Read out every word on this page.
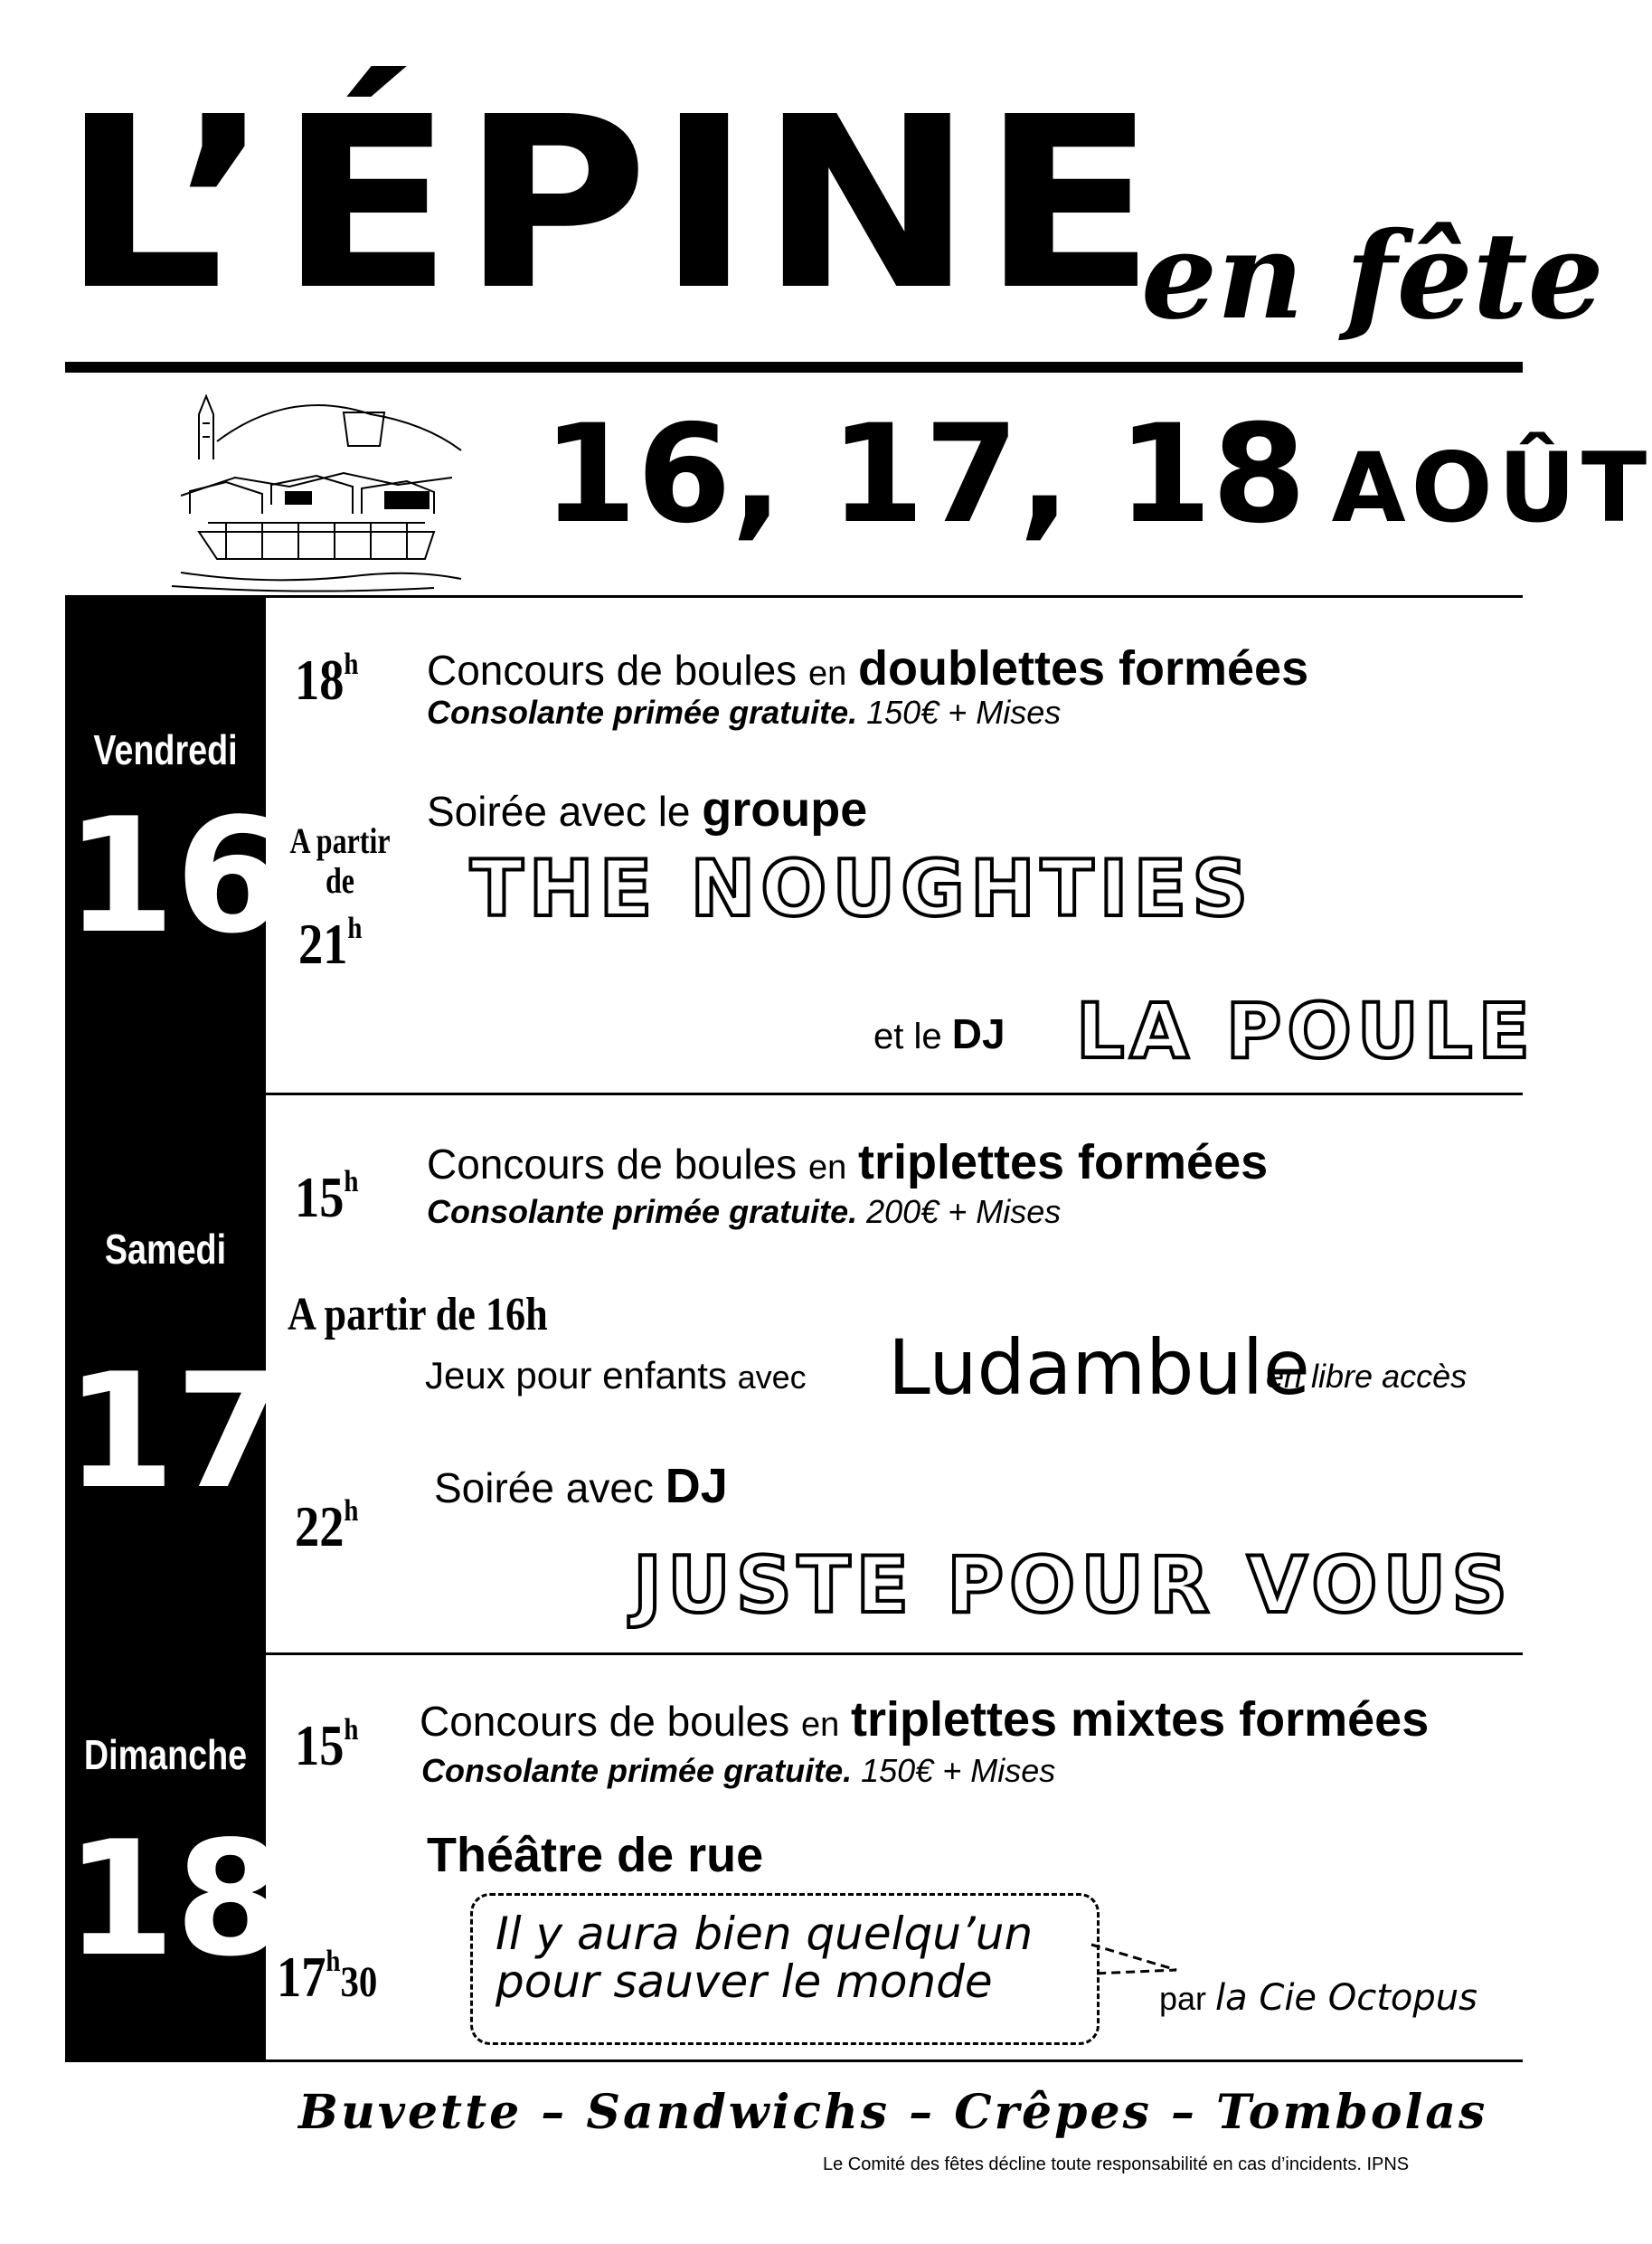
L’ÉPINE
en fête
16, 17, 18 AOÛT
Vendredi
16
18$^h$ Concours de boules en doublettes formées
Consolante primée gratuite. 150€ + Mises
Soirée avec le groupe
A partir
de
21$^h$ THE NOUGHTIES
et le DJ LA POULE
Samedi
17
15$^h$ Concours de boules en triplettes formées
Consolante primée gratuite. 200€ + Mises
A partir de 16h
Jeux pour enfants avec Ludambule
en libre accès
Soirée avec DJ
22$^h$
JUSTE POUR VOUS
Dimanche
18
15$^h$ Concours de boules en triplettes mixtes formées
Consolante primée gratuite. 150€ + Mises
Théâtre de rue
17$^h$30
Il y aura bien quelqu’un
pour sauver le monde	par la Cie Octopus
Buvette – Sandwichs – Crêpes – Tombolas
Le Comité des fêtes décline toute responsabilité en cas d’incidents. IPNS
